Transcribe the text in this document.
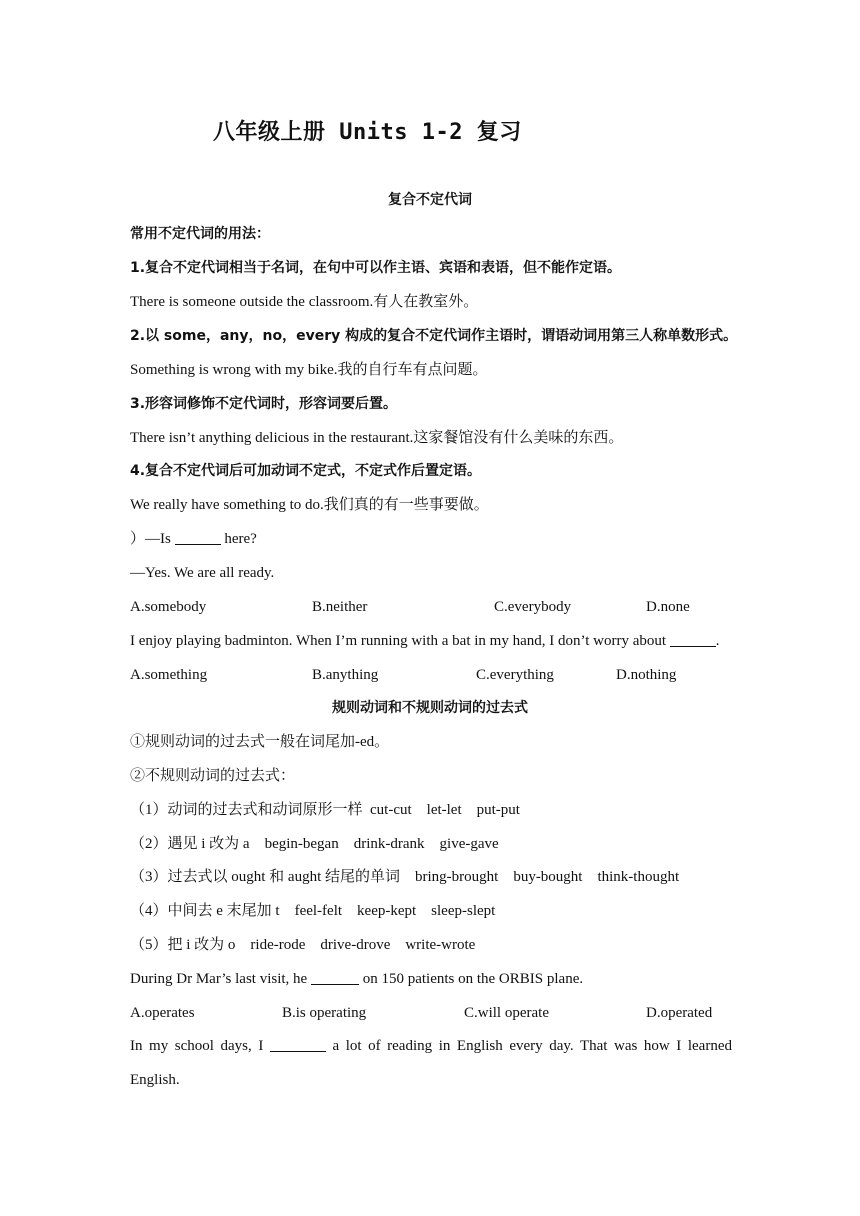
八年级上册 Units 1-2 复习
复合不定代词
常用不定代词的用法：
1.复合不定代词相当于名词，在句中可以作主语、宾语和表语，但不能作定语。
There is someone outside the classroom.有人在教室外。
2.以 some，any，no，every 构成的复合不定代词作主语时，谓语动词用第三人称单数形式。
Something is wrong with my bike.我的自行车有点问题。
3.形容词修饰不定代词时，形容词要后置。
There isn’t anything delicious in the restaurant.这家餐馆没有什么美味的东西。
4.复合不定代词后可加动词不定式，不定式作后置定语。
We really have something to do.我们真的有一些事要做。
）—Is	here?
—Yes. We are all ready.
A.somebody	B.neither	C.everybody	D.none
I enjoy playing badminton. When I’m running with a bat in my hand, I don’t worry about	.
A.something	B.anything	C.everything	D.nothing
规则动词和不规则动词的过去式
①规则动词的过去式一般在词尾加-ed。
②不规则动词的过去式：
（1）动词的过去式和动词原形一样  cut-cut    let-let    put-put
（2）遇见 i 改为 a    begin-began    drink-drank    give-gave
（3）过去式以 ought 和 aught 结尾的单词    bring-brought    buy-bought    think-thought
（4）中间去 e 末尾加 t    feel-felt    keep-kept    sleep-slept
（5）把 i 改为 o    ride-rode    drive-drove    write-wrote
During Dr Mar’s last visit, he	on 150 patients on the ORBIS plane.
A.operates	B.is operating	C.will operate	D.operated
In my school days, I	a lot of reading in English every day. That was how I learned English.
